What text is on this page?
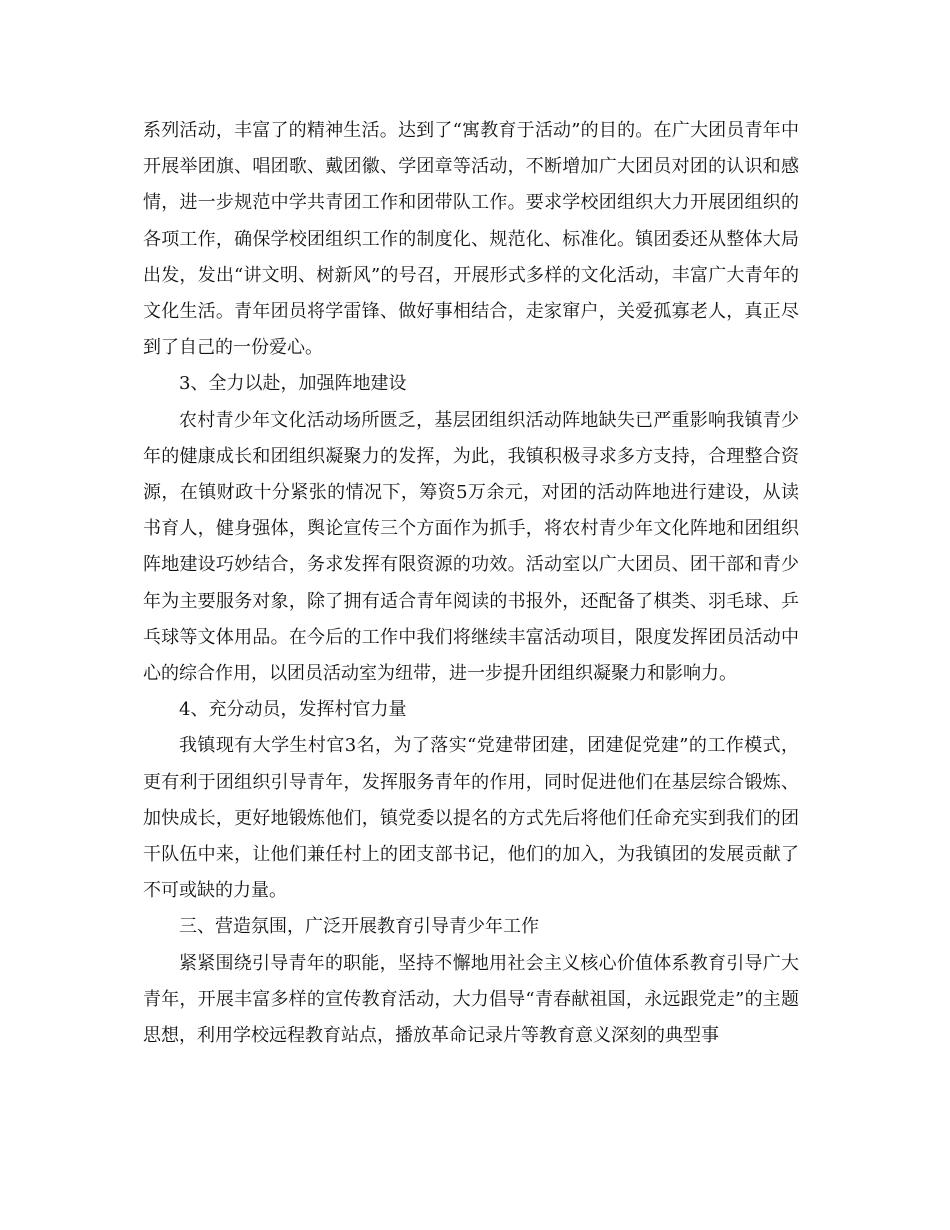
系列活动，丰富了的精神生活。达到了“寓教育于活动”的目的。在广大团员青年中开展举团旗、唱团歌、戴团徽、学团章等活动，不断增加广大团员对团的认识和感情，进一步规范中学共青团工作和团带队工作。要求学校团组织大力开展团组织的各项工作，确保学校团组织工作的制度化、规范化、标准化。镇团委还从整体大局出发，发出“讲文明、树新风”的号召，开展形式多样的文化活动，丰富广大青年的文化生活。青年团员将学雷锋、做好事相结合，走家窜户，关爱孤寡老人，真正尽到了自己的一份爱心。

3、全力以赴，加强阵地建设

农村青少年文化活动场所匮乏，基层团组织活动阵地缺失已严重影响我镇青少年的健康成长和团组织凝聚力的发挥，为此，我镇积极寻求多方支持，合理整合资源，在镇财政十分紧张的情况下，筹资5万余元，对团的活动阵地进行建设，从读书育人，健身强体，舆论宣传三个方面作为抓手，将农村青少年文化阵地和团组织阵地建设巧妙结合，务求发挥有限资源的功效。活动室以广大团员、团干部和青少年为主要服务对象，除了拥有适合青年阅读的书报外，还配备了棋类、羽毛球、乒乓球等文体用品。在今后的工作中我们将继续丰富活动项目，限度发挥团员活动中心的综合作用，以团员活动室为纽带，进一步提升团组织凝聚力和影响力。

4、充分动员，发挥村官力量

我镇现有大学生村官3名，为了落实“党建带团建，团建促党建”的工作模式，更有利于团组织引导青年，发挥服务青年的作用，同时促进他们在基层综合锻炼、加快成长，更好地锻炼他们，镇党委以提名的方式先后将他们任命充实到我们的团干队伍中来，让他们兼任村上的团支部书记，他们的加入，为我镇团的发展贡献了不可或缺的力量。

三、营造氛围，广泛开展教育引导青少年工作

紧紧围绕引导青年的职能，坚持不懈地用社会主义核心价值体系教育引导广大青年，开展丰富多样的宣传教育活动，大力倡导“青春献祖国，永远跟党走”的主题思想，利用学校远程教育站点，播放革命记录片等教育意义深刻的典型事
